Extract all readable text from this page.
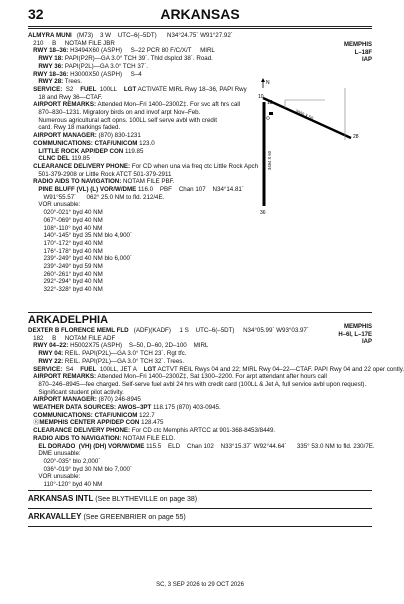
32	ARKANSAS
ALMYRA MUNI   (M73)    3 W    UTC–6(–5DT)      N34°24.75´ W91°27.92´
210     B     NOTAM FILE JBR
RWY 18–36: H3494X60 (ASPH)     S–22 PCR 80 F/C/X/T     MIRL
RWY 18: PAPI(P2R)—GA 3.0° TCH 39´. Thld dsplcd 38´. Road.
RWY 36: PAPI(P2L)—GA 3.0° TCH 37´.
RWY 18–36: H3000X50 (ASPH)     S–4
RWY 28: Trees.
SERVICE:  S2    FUEL  100LL    LGT ACTIVATE MIRL Rwy 18–36, PAPI Rwy
18 and Rwy 36—CTAF.
AIRPORT REMARKS: Attended Mon–Fri 1400–2300Z‡. For svc aft hrs call
870–830–1231. Migratory birds on and invof arpt Nov–Feb.
Numerous agricultural acft opns. 100LL self serve avbl with credit
card. Rwy 18 markings faded.
AIRPORT MANAGER: (870) 830-1231
COMMUNICATIONS: CTAF/UNICOM 123.0
LITTLE ROCK APP/DEP CON 119.85
CLNC DEL 119.85
CLEARANCE DELIVERY PHONE: For CD when una via freq ctc Little Rock Apch
501-379-2908 or Little Rock ATCT 501-379-2911
RADIO AIDS TO NAVIGATION: NOTAM FILE PBF.
PINE BLUFF (VL) (L) VOR/W/DME 116.0    PBF    Chan 107    N34°14.81´
W91°55.57´      062° 25.0 NM to fld. 212/4E.
VOR unusable:
020°-021° byd 40 NM
067°-069° byd 40 NM
108°-110° byd 40 NM
140°-145° byd 35 NM blo 4,900´
170°-172° byd 40 NM
176°-178° byd 40 NM
239°-249° byd 40 NM blo 6,000´
239°-249° byd 59 NM
260°-261° byd 40 NM
292°-294° byd 40 NM
322°-328° byd 40 NM
MEMPHIS
L–18F
IAP
N
10
28
18
36
3000 X 50
3494 X 60
ARKADELPHIA
MEMPHIS
H–6I, L–17E
IAP
DEXTER B FLORENCE MEML FLD   (ADF)(KADF)     1 S    UTC–6(–5DT)     N34°05.99´ W93°03.97´
182     B     NOTAM FILE ADF
RWY 04–22: H5002X75 (ASPH)    S–50, D–60, 2D–100    MIRL
RWY 04: REIL. PAPI(P2L)—GA 3.0° TCH 23´. Rgt tfc.
RWY 22: REIL. PAPI(P2L)—GA 3.0° TCH 32´. Trees.
SERVICE:  S4    FUEL  100LL, JET A    LGT ACTVT REIL Rwys 04 and 22; MIRL Rwy 04–22—CTAF. PAPI Rwy 04 and 22 oper contly.
AIRPORT REMARKS: Attended Mon–Fri 1400–2300Z‡, Sat 1300–2200. For arpt attendant after hours call
870–246–8945—fee charged. Self-serve fuel avbl 24 hrs with credit card (100LL & Jet A, full service avbl upon request).
Significant student pilot activity.
AIRPORT MANAGER: (870) 246-8945
WEATHER DATA SOURCES: AWOS–3PT 118.175 (870) 403-0945.
COMMUNICATIONS: CTAF/UNICOM 122.7
ⓇMEMPHIS CENTER APP/DEP CON 128.475
CLEARANCE DELIVERY PHONE: For CD ctc Memphis ARTCC at 901-368-8453/8449.
RADIO AIDS TO NAVIGATION: NOTAM FILE ELD.
EL DORADO  (VH) (DH) VOR/W/DME 115.5    ELD    Chan 102    N33°15.37´ W92°44.64´      335° 53.0 NM to fld. 230/7E.
DME unusable:
020°-035° blo 2,000´
036°-019° byd 30 NM blo 7,000´
VOR unusable:
110°-120° byd 40 NM
ARKANSAS INTL (See BLYTHEVILLE on page 38)
ARKAVALLEY (See GREENBRIER on page 55)
SC, 3 SEP 2026 to 29 OCT 2026
